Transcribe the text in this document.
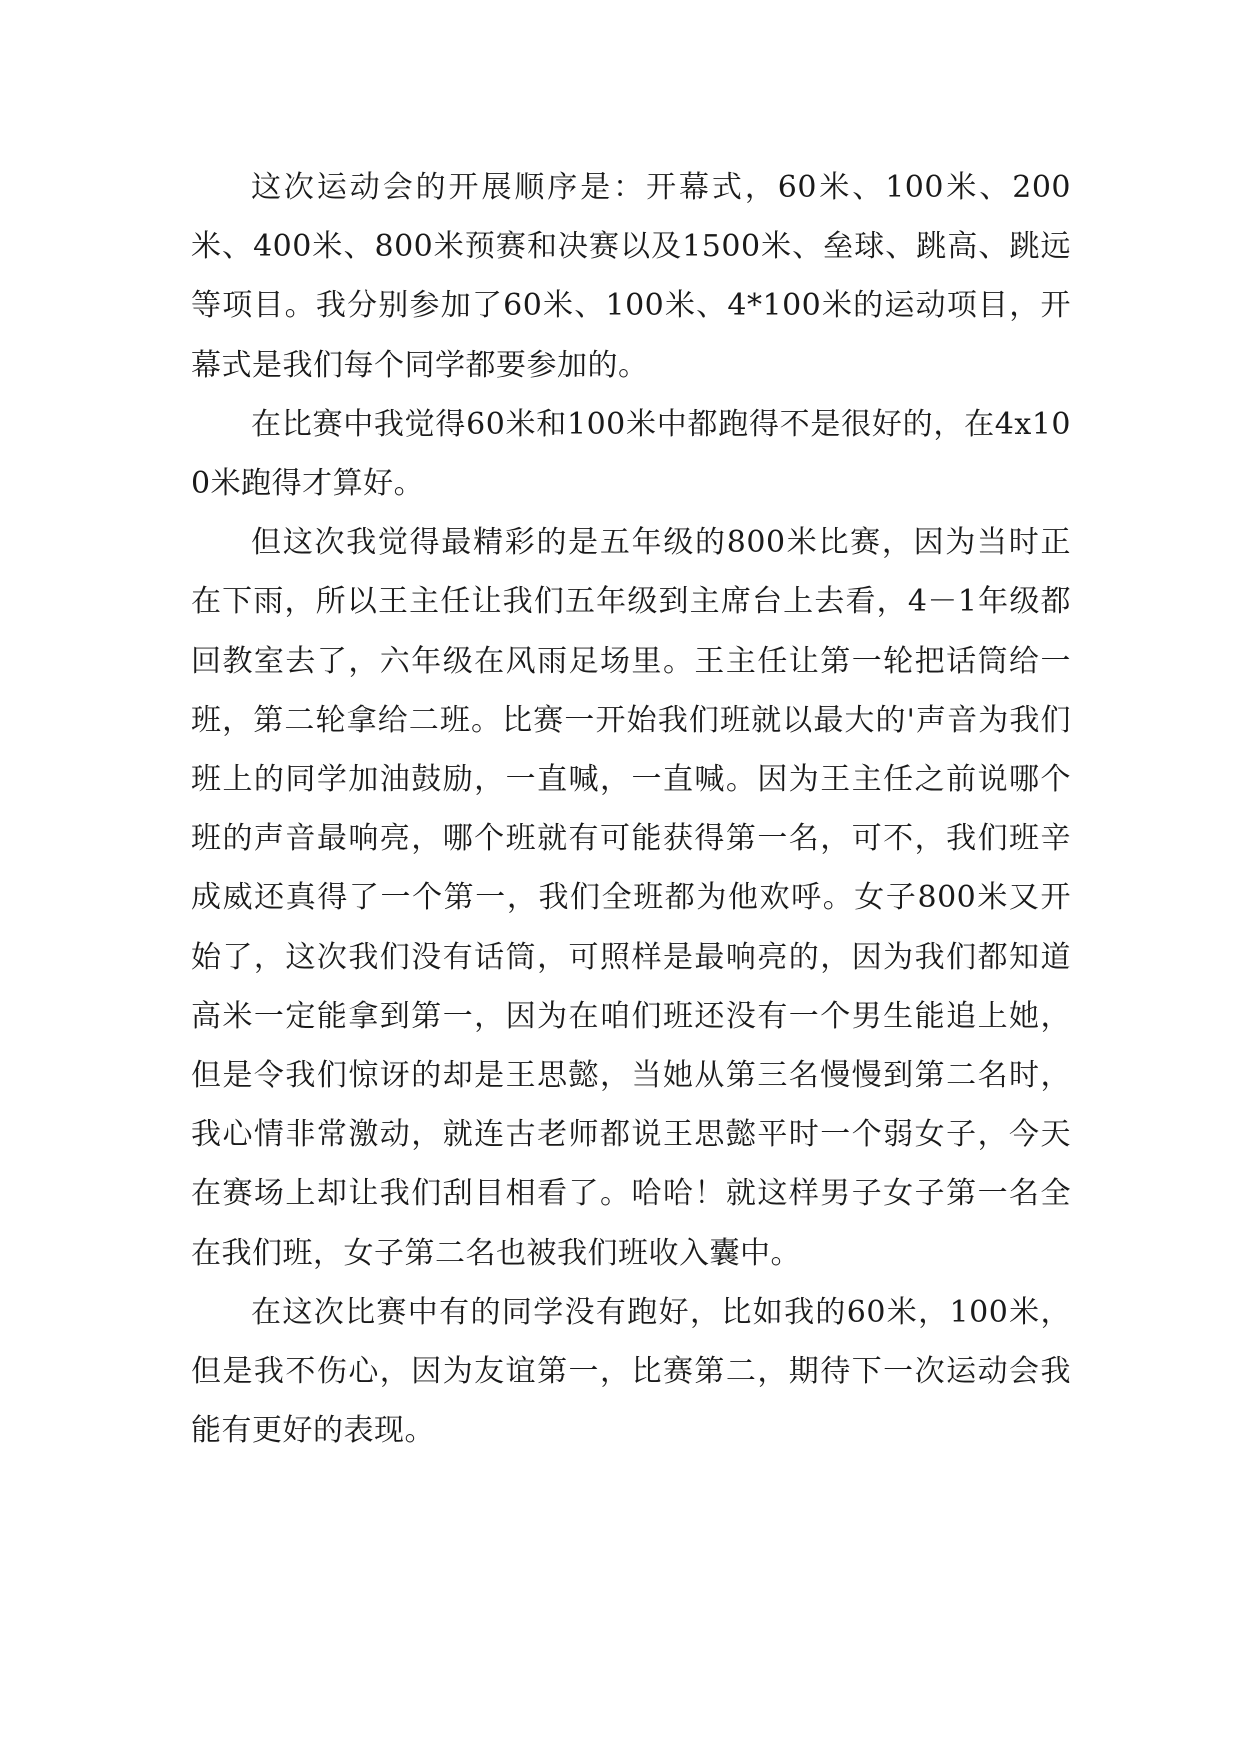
这次运动会的开展顺序是：开幕式，60米、100米、200米、400米、800米预赛和决赛以及1500米、垒球、跳高、跳远等项目。我分别参加了60米、100米、4*100米的运动项目，开幕式是我们每个同学都要参加的。

在比赛中我觉得60米和100米中都跑得不是很好的，在4x100米跑得才算好。

但这次我觉得最精彩的是五年级的800米比赛，因为当时正在下雨，所以王主任让我们五年级到主席台上去看，4－1年级都回教室去了，六年级在风雨足场里。王主任让第一轮把话筒给一班，第二轮拿给二班。比赛一开始我们班就以最大的'声音为我们班上的同学加油鼓励，一直喊，一直喊。因为王主任之前说哪个班的声音最响亮，哪个班就有可能获得第一名，可不，我们班辛成威还真得了一个第一，我们全班都为他欢呼。女子800米又开始了，这次我们没有话筒，可照样是最响亮的，因为我们都知道高米一定能拿到第一，因为在咱们班还没有一个男生能追上她，但是令我们惊讶的却是王思懿，当她从第三名慢慢到第二名时，我心情非常激动，就连古老师都说王思懿平时一个弱女子，今天在赛场上却让我们刮目相看了。哈哈！就这样男子女子第一名全在我们班，女子第二名也被我们班收入囊中。

在这次比赛中有的同学没有跑好，比如我的60米，100米，但是我不伤心，因为友谊第一，比赛第二，期待下一次运动会我能有更好的表现。
